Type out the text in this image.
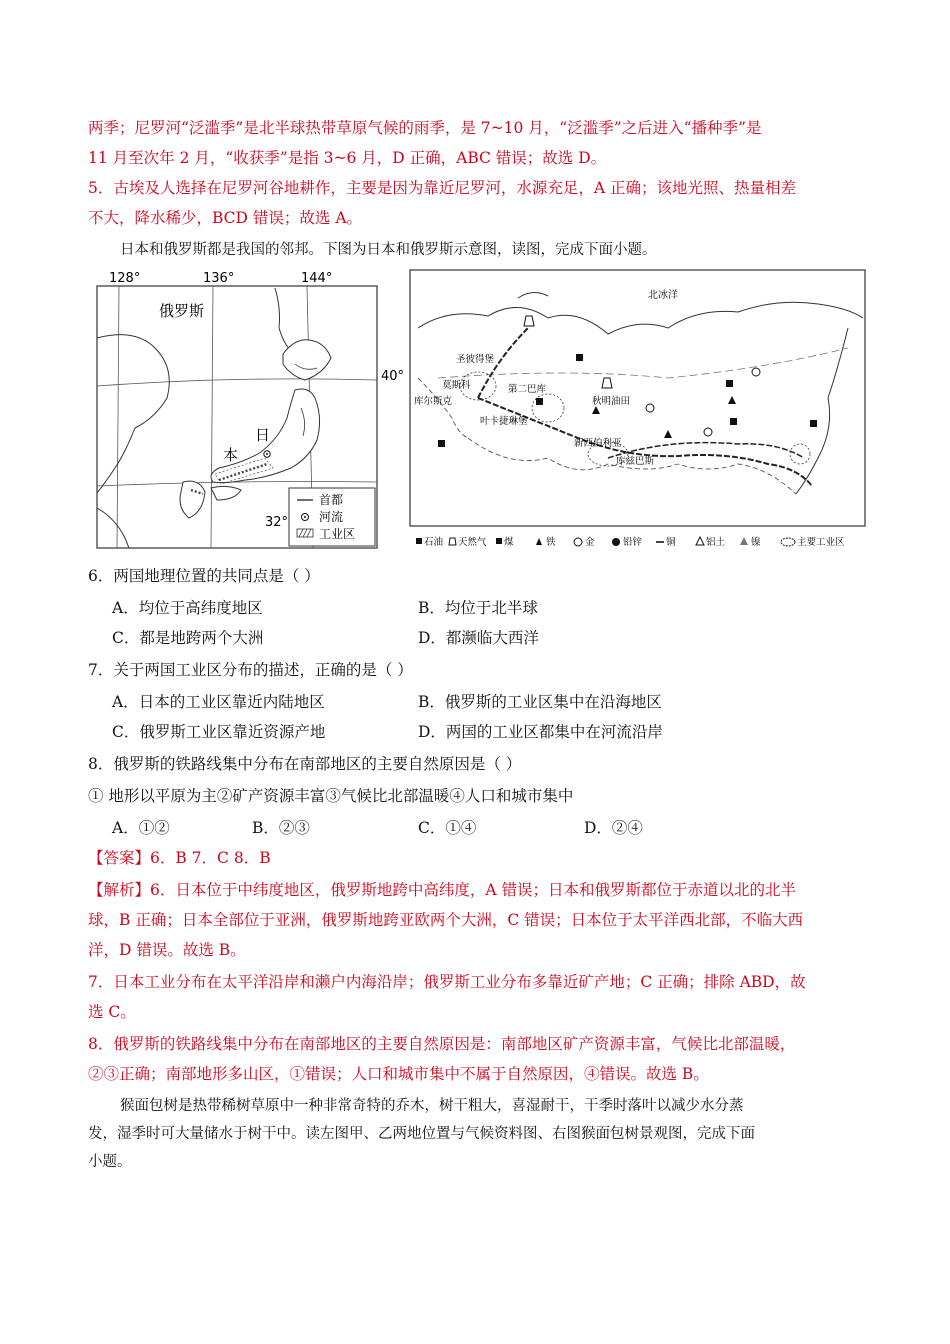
两季；尼罗河“泛滥季”是北半球热带草原气候的雨季，是 7~10 月，“泛滥季”之后进入“播种季”是
11 月至次年 2 月，“收获季”是指 3~6 月，D 正确，ABC 错误；故选 D。
5．古埃及人选择在尼罗河谷地耕作，主要是因为靠近尼罗河，水源充足，A 正确；该地光照、热量相差
不大，降水稀少，BCD 错误；故选 A。
日本和俄罗斯都是我国的邻邦。下图为日本和俄罗斯示意图，读图，完成下面小题。
128°	136°	144°
40°
32°
俄罗斯
日
本
首都
河流
工业区
北冰洋
圣彼得堡
莫斯科	第二巴库
库尔斯克
叶卡捷琳堡
秋明油田
新西伯利亚
库兹巴斯
石油 天然气 煤	铁	金	铅锌	铜	铝土	镍	主要工业区
6．两国地理位置的共同点是（ ）
A．均位于高纬度地区	B．均位于北半球
C．都是地跨两个大洲	D．都濒临大西洋
7．关于两国工业区分布的描述，正确的是（ ）
A．日本的工业区靠近内陆地区	B．俄罗斯的工业区集中在沿海地区
C．俄罗斯工业区靠近资源产地	D．两国的工业区都集中在河流沿岸
8．俄罗斯的铁路线集中分布在南部地区的主要自然原因是（ ）
① 地形以平原为主②矿产资源丰富③气候比北部温暖④人口和城市集中
A．①②	B．②③	C．①④	D．②④
【答案】6．B 7．C 8．B
【解析】6．日本位于中纬度地区，俄罗斯地跨中高纬度，A 错误；日本和俄罗斯都位于赤道以北的北半
球，B 正确；日本全部位于亚洲，俄罗斯地跨亚欧两个大洲，C 错误；日本位于太平洋西北部，不临大西
洋，D 错误。故选 B。
7．日本工业分布在太平洋沿岸和濑户内海沿岸；俄罗斯工业分布多靠近矿产地；C 正确；排除 ABD，故
选 C。
8．俄罗斯的铁路线集中分布在南部地区的主要自然原因是：南部地区矿产资源丰富，气候比北部温暖，
②③正确；南部地形多山区，①错误；人口和城市集中不属于自然原因，④错误。故选 B。
猴面包树是热带稀树草原中一种非常奇特的乔木，树干粗大，喜湿耐干，干季时落叶以减少水分蒸
发，湿季时可大量储水于树干中。读左图甲、乙两地位置与气候资料图、右图猴面包树景观图，完成下面
小题。
